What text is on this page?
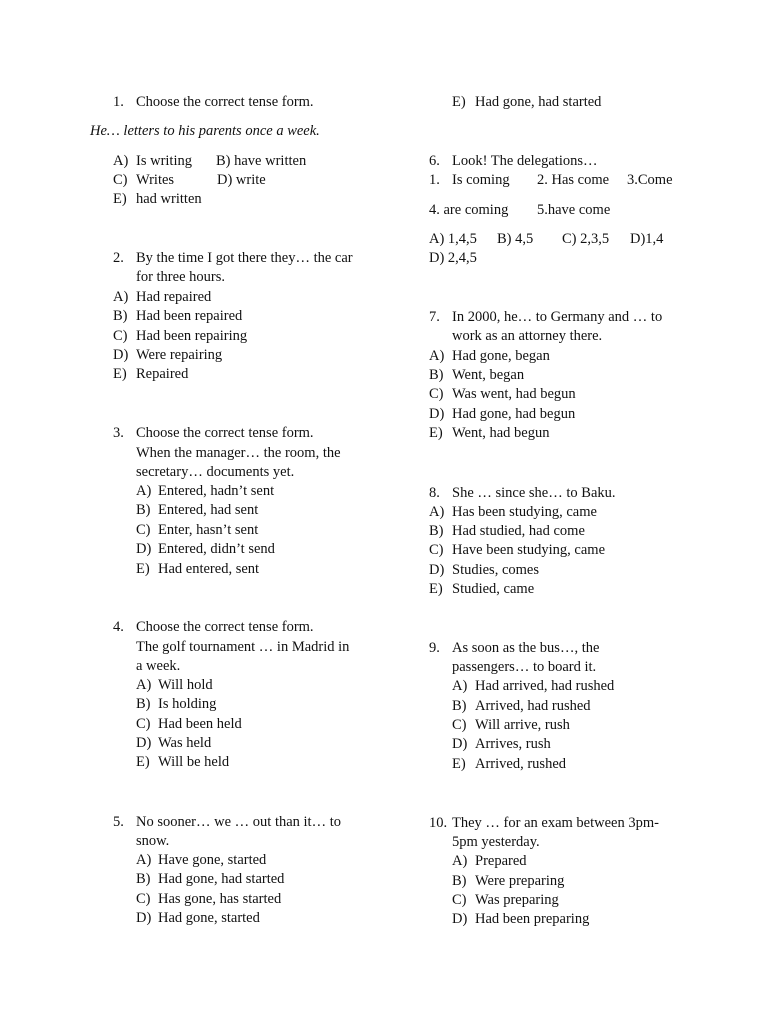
1. Choose the correct tense form.
He… letters to his parents once a week.
A) Is writing B) have written
C) Writes	D) write
E) had written
2. By the time I got there they… the car
for three hours.
A) Had repaired
B) Had been repaired
C) Had been repairing
D) Were repairing
E) Repaired
3. Choose the correct tense form.
When the manager… the room, the
secretary… documents yet.
A) Entered, hadn’t sent
B) Entered, had sent
C) Enter, hasn’t sent
D) Entered, didn’t send
E) Had entered, sent
4. Choose the correct tense form.
The golf tournament … in Madrid in
a week.
A) Will hold
B) Is holding
C) Had been held
D) Was held
E) Will be held
5. No sooner… we … out than it… to
snow.
A) Have gone, started
B) Had gone, had started
C) Has gone, has started
D) Had gone, started
E) Had gone, had started
6. Look! The delegations…
1. Is coming 2. Has come 3.Come
4. are coming 5.have come
A) 1,4,5 B) 4,5 C) 2,3,5 D)1,4
D) 2,4,5
7. In 2000, he… to Germany and … to
work as an attorney there.
A) Had gone, began
B) Went, began
C) Was went, had begun
D) Had gone, had begun
E) Went, had begun
8. She … since she… to Baku.
A) Has been studying, came
B) Had studied, had come
C) Have been studying, came
D) Studies, comes
E) Studied, came
9. As soon as the bus…, the
passengers… to board it.
A) Had arrived, had rushed
B) Arrived, had rushed
C) Will arrive, rush
D) Arrives, rush
E) Arrived, rushed
10. They … for an exam between 3pm-
5pm yesterday.
A) Prepared
B) Were preparing
C) Was preparing
D) Had been preparing
